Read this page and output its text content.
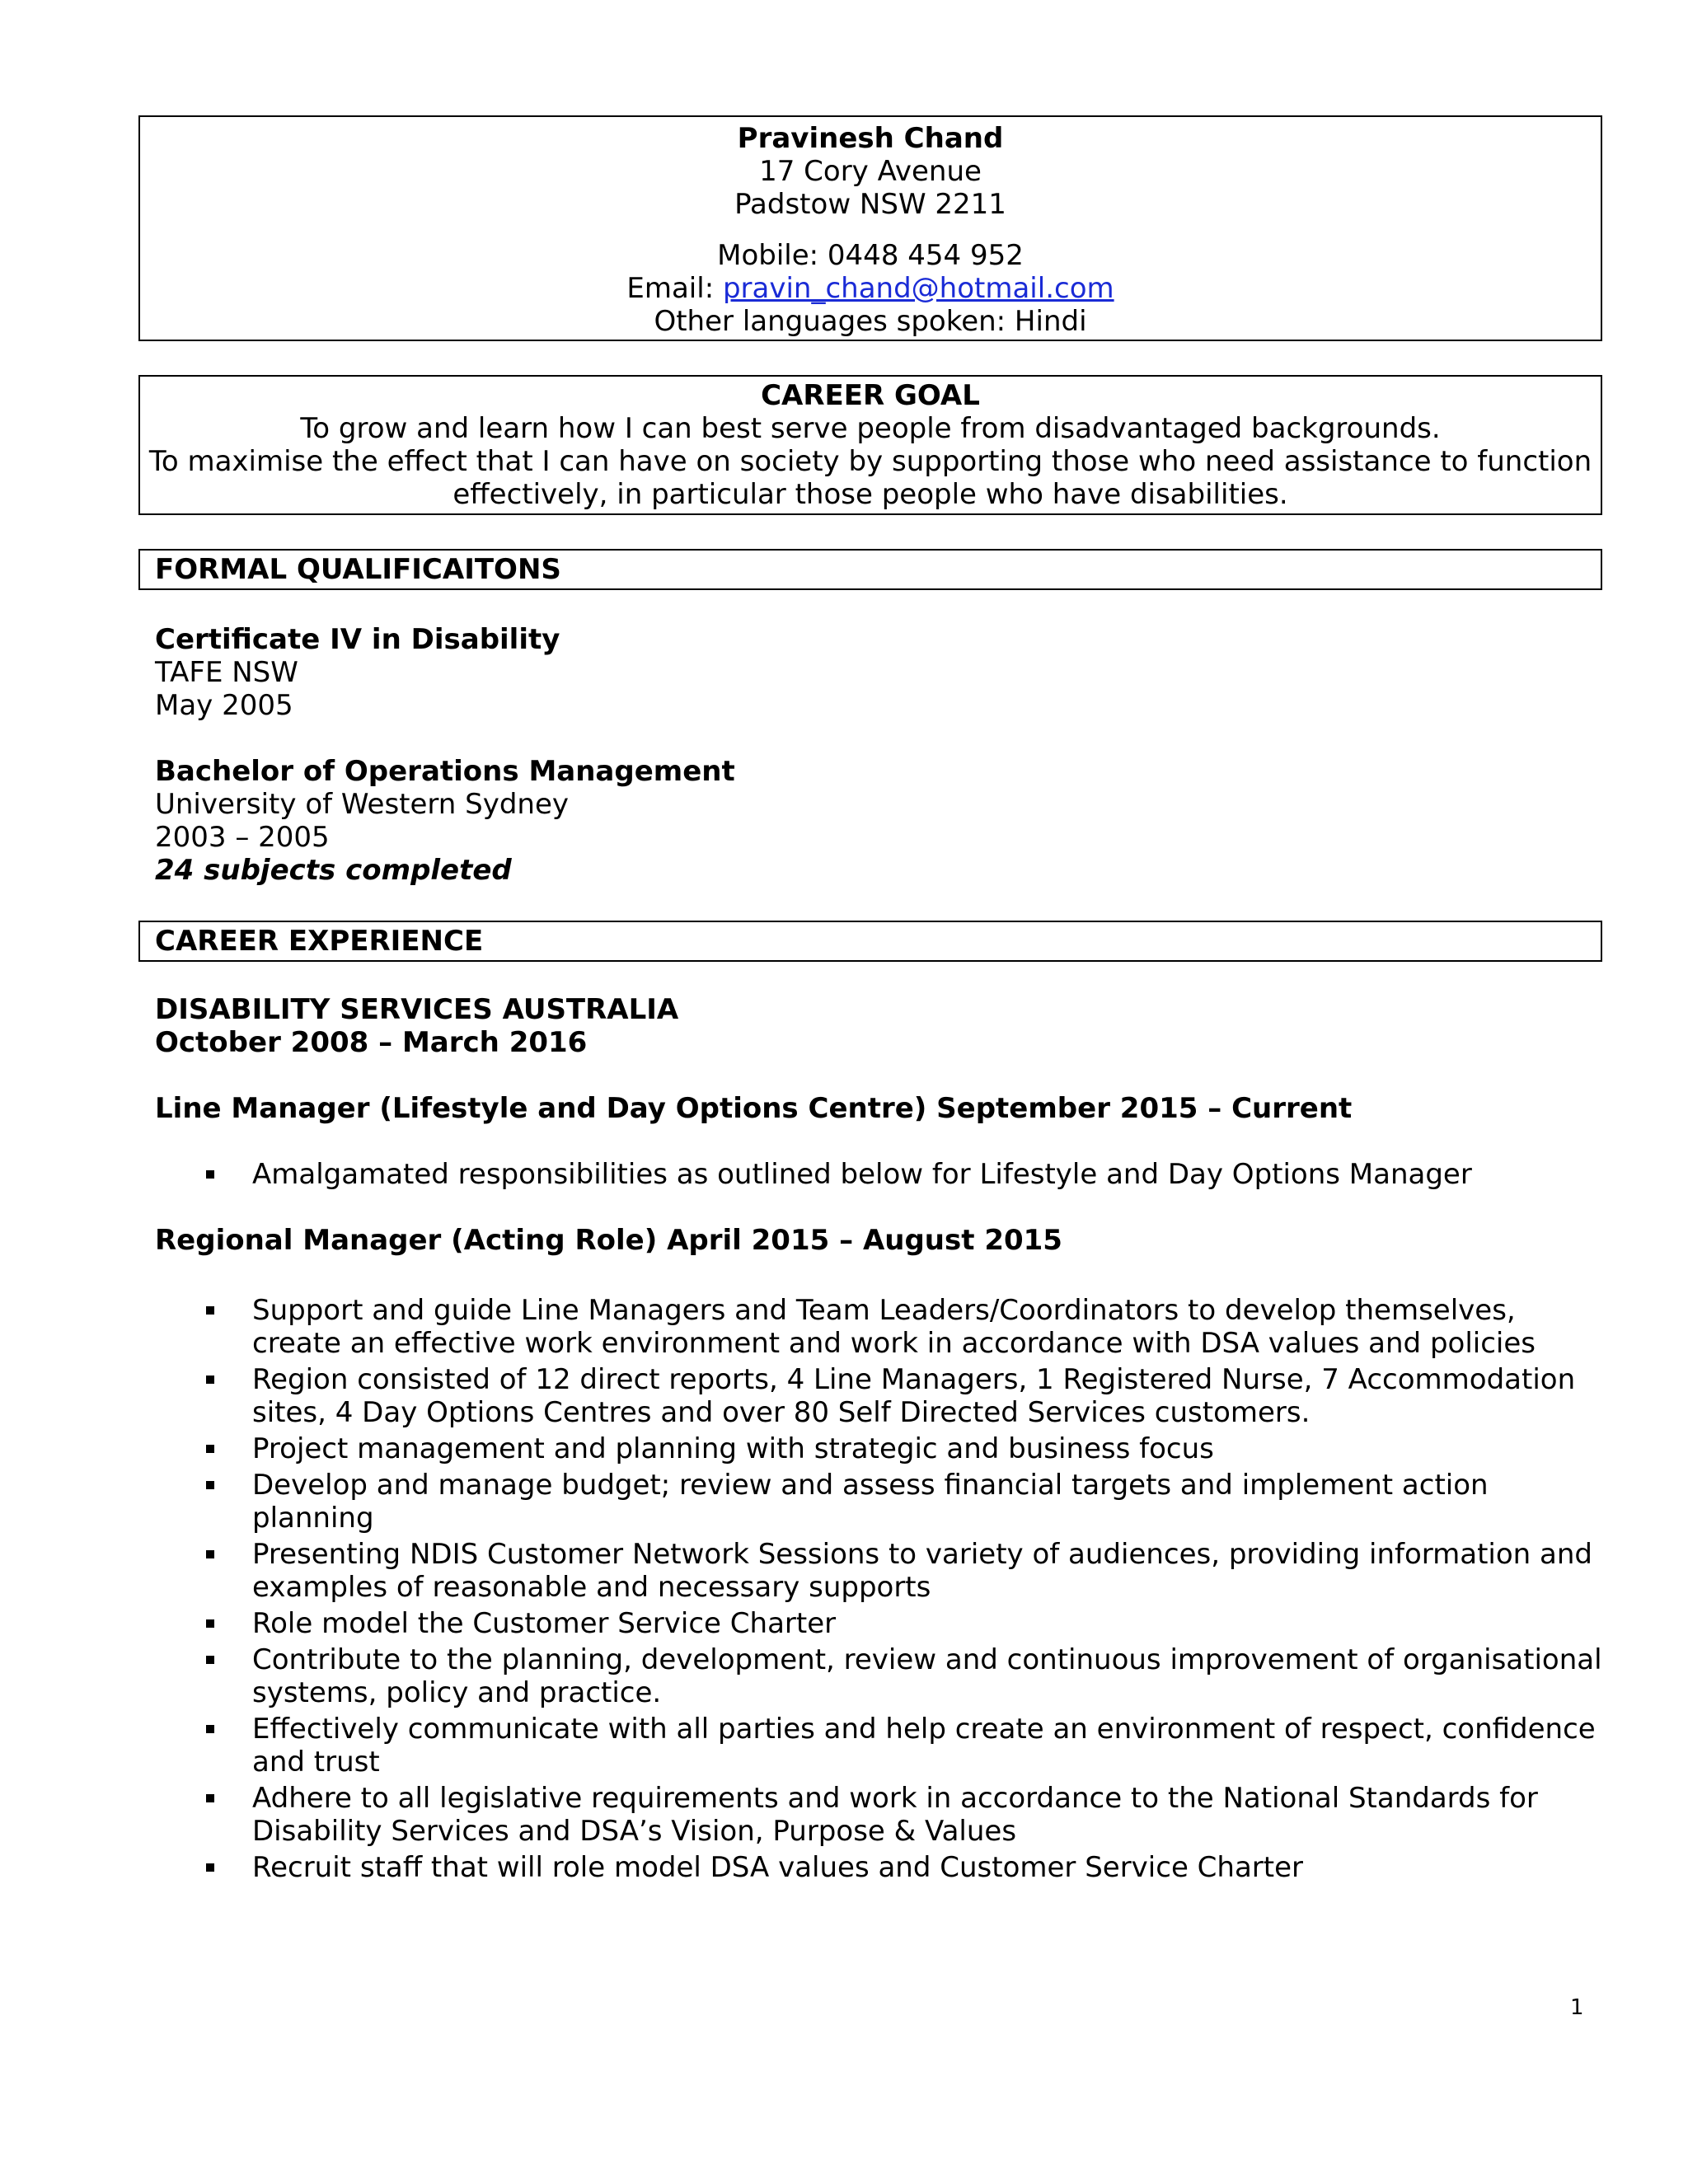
Pravinesh Chand
17 Cory Avenue
Padstow NSW 2211
Mobile: 0448 454 952
Email: pravin_chand@hotmail.com
Other languages spoken: Hindi
CAREER GOAL
To grow and learn how I can best serve people from disadvantaged backgrounds.
To maximise the effect that I can have on society by supporting those who need assistance to function
effectively, in particular those people who have disabilities.
FORMAL QUALIFICAITONS
Certificate IV in Disability
TAFE NSW
May 2005
Bachelor of Operations Management
University of Western Sydney
2003 – 2005
24 subjects completed
CAREER EXPERIENCE
DISABILITY SERVICES AUSTRALIA
October 2008 – March 2016
Line Manager (Lifestyle and Day Options Centre) September 2015 – Current
Amalgamated responsibilities as outlined below for Lifestyle and Day Options Manager
Regional Manager (Acting Role) April 2015 – August 2015
Support and guide Line Managers and Team Leaders/Coordinators to develop themselves, create an effective work environment and work in accordance with DSA values and policies
Region consisted of 12 direct reports, 4 Line Managers, 1 Registered Nurse, 7 Accommodation sites, 4 Day Options Centres and over 80 Self Directed Services customers.
Project management and planning with strategic and business focus
Develop and manage budget; review and assess financial targets and implement action planning
Presenting NDIS Customer Network Sessions to variety of audiences, providing information and examples of reasonable and necessary supports
Role model the Customer Service Charter
Contribute to the planning, development, review and continuous improvement of organisational systems, policy and practice.
Effectively communicate with all parties and help create an environment of respect, confidence and trust
Adhere to all legislative requirements and work in accordance to the National Standards for Disability Services and DSA’s Vision, Purpose & Values
Recruit staff that will role model DSA values and Customer Service Charter
1
